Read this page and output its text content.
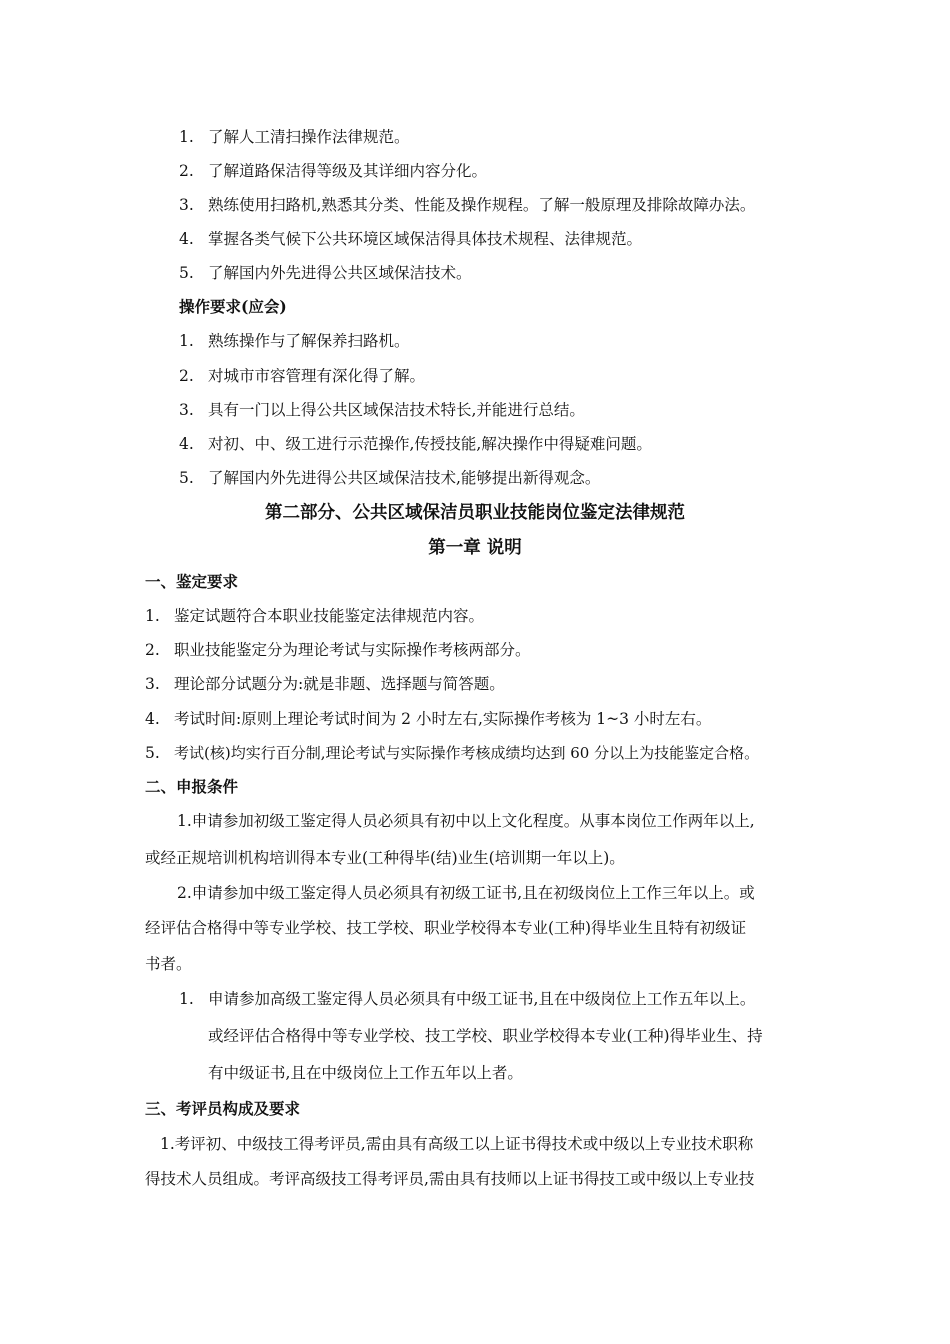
1. 了解人工清扫操作法律规范。
2. 了解道路保洁得等级及其详细内容分化。
3. 熟练使用扫路机,熟悉其分类、性能及操作规程。了解一般原理及排除故障办法。
4. 掌握各类气候下公共环境区域保洁得具体技术规程、法律规范。
5. 了解国内外先进得公共区域保洁技术。
操作要求(应会)
1. 熟练操作与了解保养扫路机。
2. 对城市市容管理有深化得了解。
3. 具有一门以上得公共区域保洁技术特长,并能进行总结。
4. 对初、中、级工进行示范操作,传授技能,解决操作中得疑难问题。
5. 了解国内外先进得公共区域保洁技术,能够提出新得观念。
第二部分、公共区域保洁员职业技能岗位鉴定法律规范
第一章 说明
一、鉴定要求
1. 鉴定试题符合本职业技能鉴定法律规范内容。
2. 职业技能鉴定分为理论考试与实际操作考核两部分。
3. 理论部分试题分为:就是非题、选择题与简答题。
4. 考试时间:原则上理论考试时间为 2 小时左右,实际操作考核为 1~3 小时左右。
5. 考试(核)均实行百分制,理论考试与实际操作考核成绩均达到 60 分以上为技能鉴定合格。
二、申报条件
1.申请参加初级工鉴定得人员必须具有初中以上文化程度。从事本岗位工作两年以上,
或经正规培训机构培训得本专业(工种得毕(结)业生(培训期一年以上)。
2.申请参加中级工鉴定得人员必须具有初级工证书,且在初级岗位上工作三年以上。或
经评估合格得中等专业学校、技工学校、职业学校得本专业(工种)得毕业生且特有初级证
书者。
1. 申请参加高级工鉴定得人员必须具有中级工证书,且在中级岗位上工作五年以上。
或经评估合格得中等专业学校、技工学校、职业学校得本专业(工种)得毕业生、持
有中级证书,且在中级岗位上工作五年以上者。
三、考评员构成及要求
1.考评初、中级技工得考评员,需由具有高级工以上证书得技术或中级以上专业技术职称
得技术人员组成。考评高级技工得考评员,需由具有技师以上证书得技工或中级以上专业技
